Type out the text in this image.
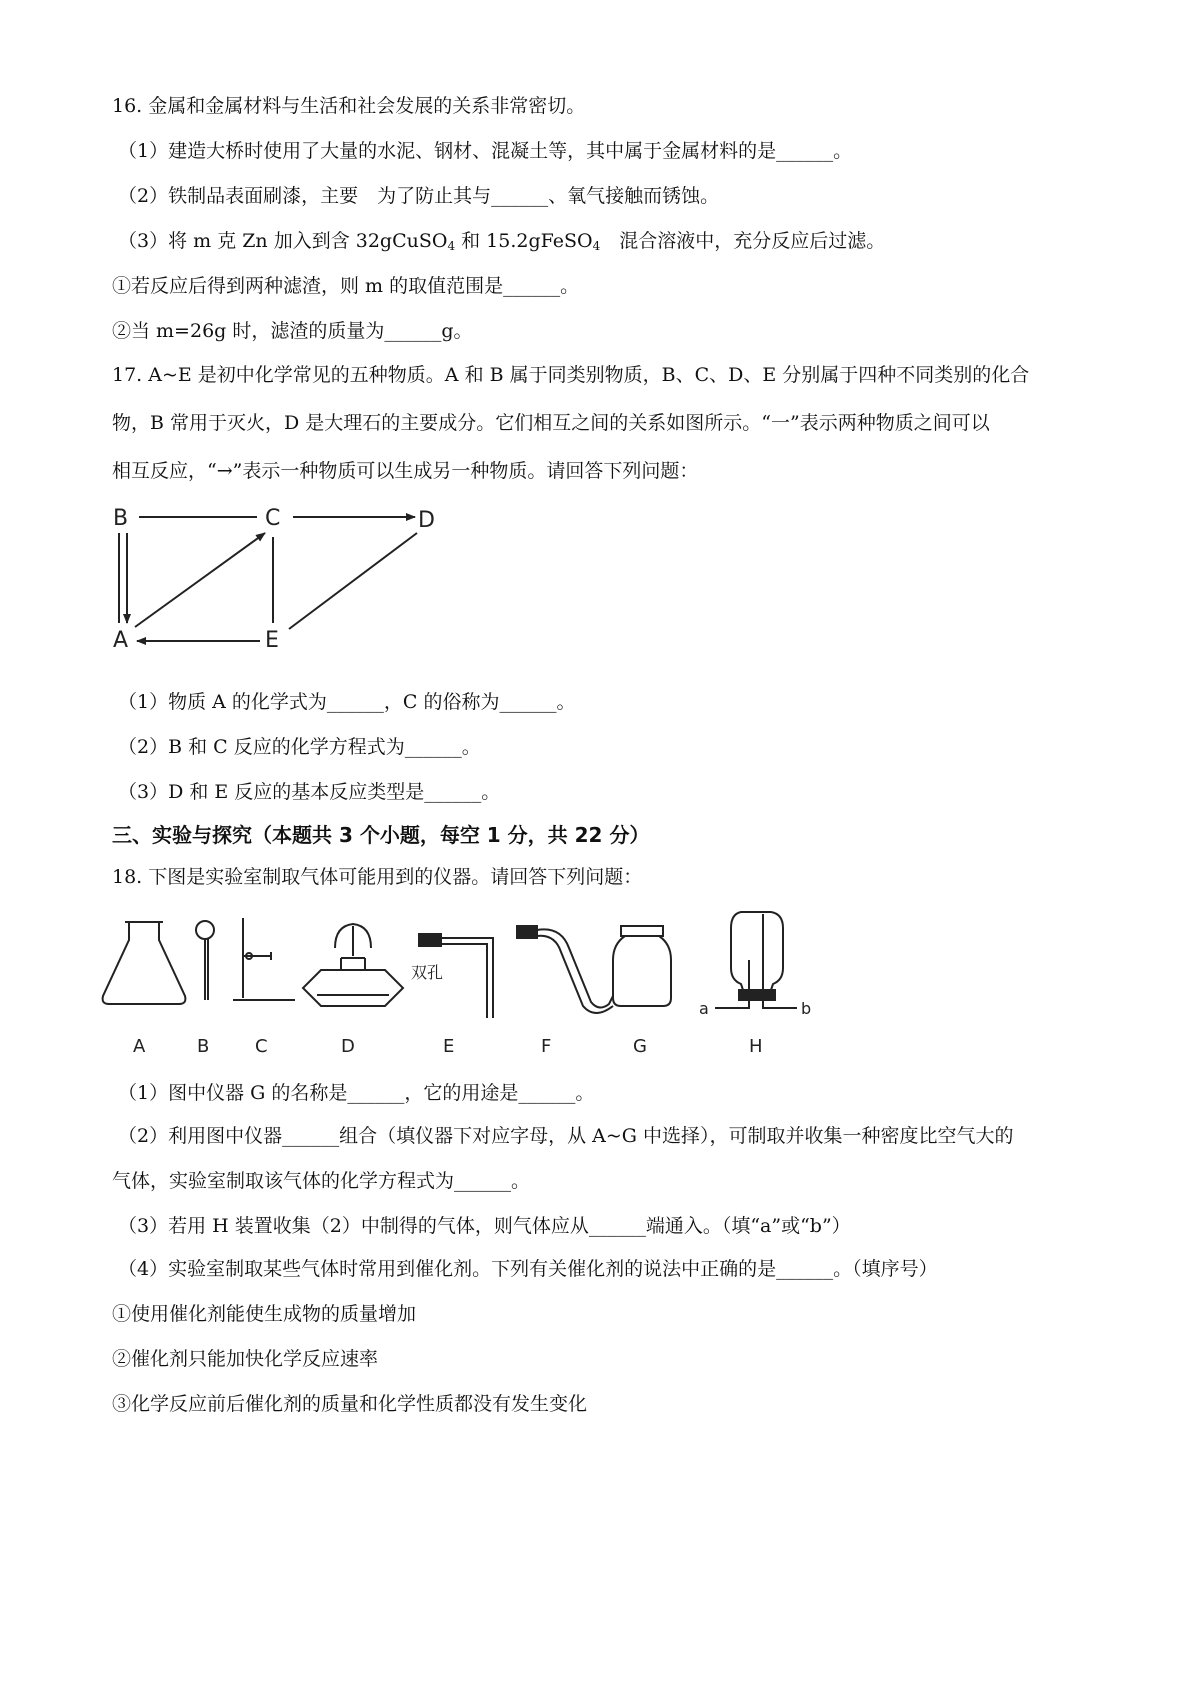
16. 金属和金属材料与生活和社会发展的关系非常密切。
（1）建造大桥时使用了大量的水泥、钢材、混凝土等，其中属于金属材料的是______。
（2）铁制品表面刷漆，主要　为了防止其与______、氧气接触而锈蚀。
（3）将 m 克 Zn 加入到含 32gCuSO$_4$ 和 15.2gFeSO$_4$　混合溶液中，充分反应后过滤。
①若反应后得到两种滤渣，则 m 的取值范围是______。
②当 m=26g 时，滤渣的质量为______g。
17. A~E 是初中化学常见的五种物质。A 和 B 属于同类别物质，B、C、D、E 分别属于四种不同类别的化合
物，B 常用于灭火，D 是大理石的主要成分。它们相互之间的关系如图所示。“一”表示两种物质之间可以
相互反应，“→”表示一种物质可以生成另一种物质。请回答下列问题：
B	C	D
A	E
（1）物质 A 的化学式为______，C 的俗称为______。
（2）B 和 C 反应的化学方程式为______。
（3）D 和 E 反应的基本反应类型是______。
三、实验与探究（本题共 3 个小题，每空 1 分，共 22 分）
18. 下图是实验室制取气体可能用到的仪器。请回答下列问题：
双孔
a	b
A	B	C	D	E	F	G	H
（1）图中仪器 G 的名称是______，它的用途是______。
（2）利用图中仪器______组合（填仪器下对应字母，从 A~G 中选择），可制取并收集一种密度比空气大的
气体，实验室制取该气体的化学方程式为______。
（3）若用 H 装置收集（2）中制得的气体，则气体应从______端通入。（填“a”或“b”）
（4）实验室制取某些气体时常用到催化剂。下列有关催化剂的说法中正确的是______。（填序号）
①使用催化剂能使生成物的质量增加
②催化剂只能加快化学反应速率
③化学反应前后催化剂的质量和化学性质都没有发生变化
